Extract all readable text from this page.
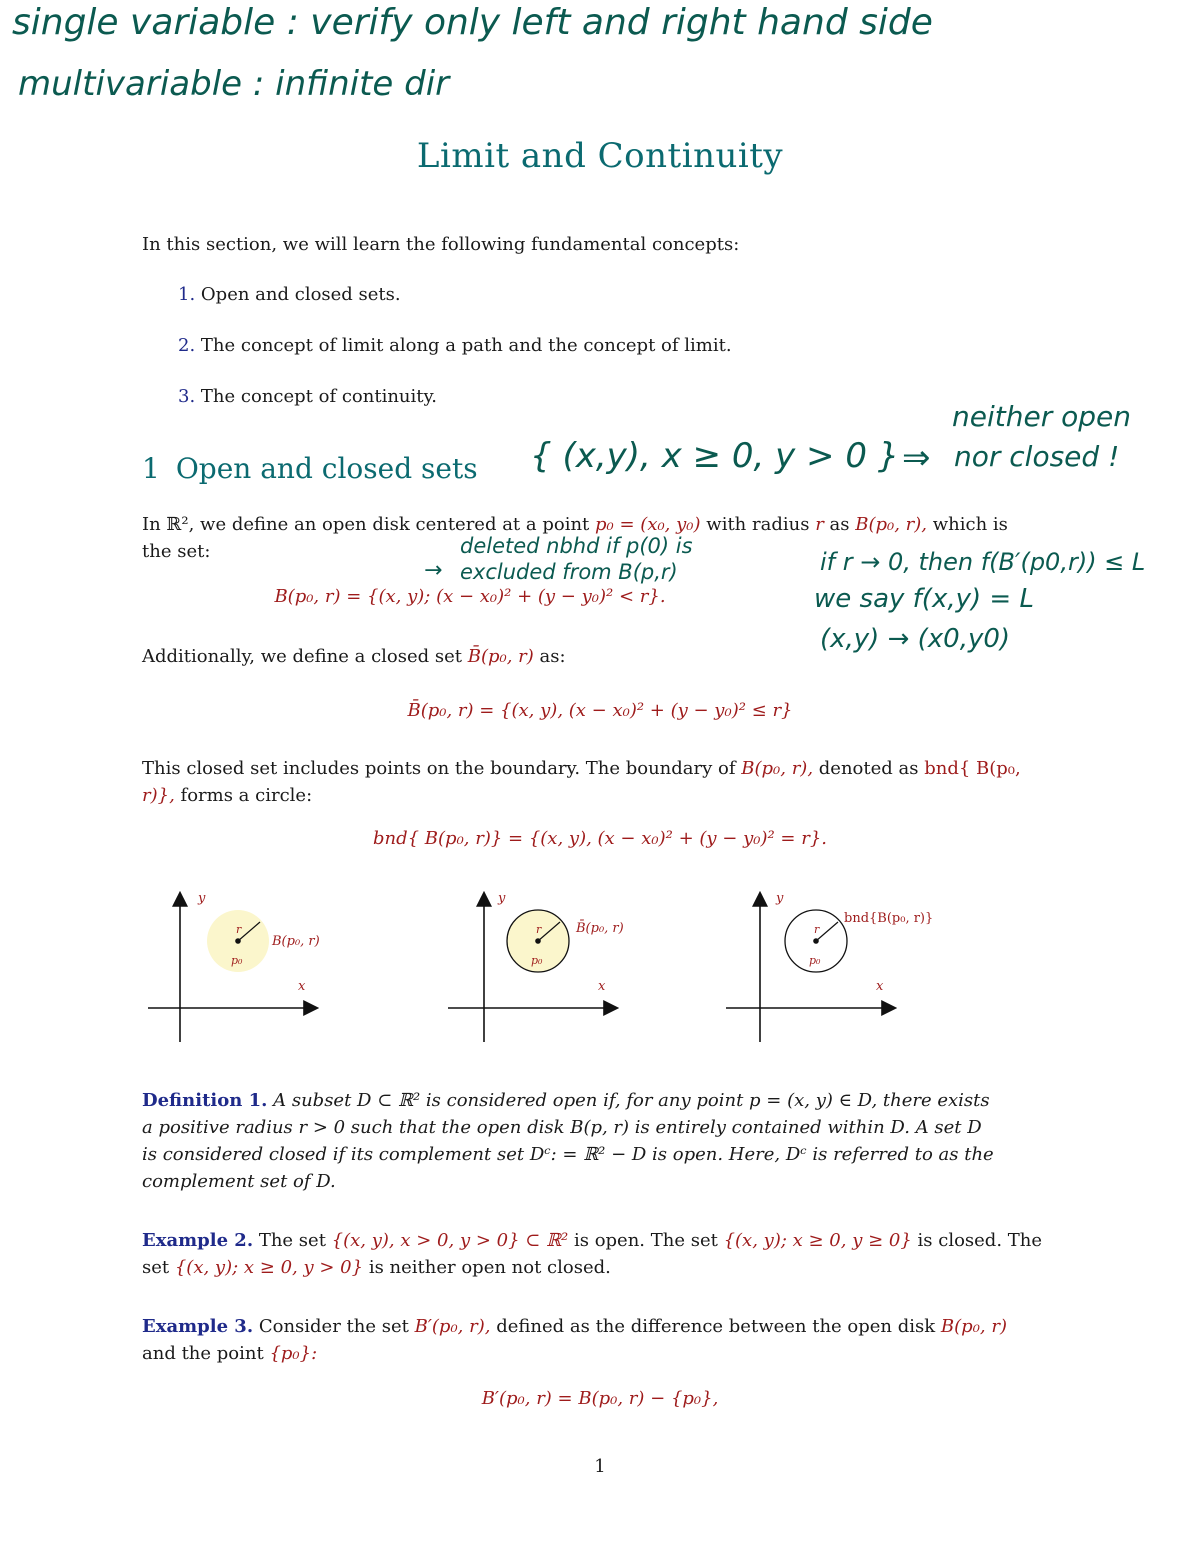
single variable : verify only left and right hand side
multivariable : infinite dir
Limit and Continuity
In this section, we will learn the following fundamental concepts:
1. Open and closed sets.
2. The concept of limit along a path and the concept of limit.
3. The concept of continuity.
1 Open and closed sets { (x,y), x ≥ 0, y > 0 } ⇒
neither open
nor closed !
In ℝ², we define an open disk centered at a point p₀ = (x₀, y₀) with radius r as B(p₀, r), which is
the set:	deleted nbhd if p(0) is
→ excluded from B(p,r)
B(p₀, r) = {(x, y); (x − x₀)² + (y − y₀)² < r}.
if r → 0, then f(B′(p0,r)) ≤ L
we say f(x,y) = L
(x,y) → (x0,y0)
Additionally, we define a closed set B̄(p₀, r) as:
B̄(p₀, r) = {(x, y), (x − x₀)² + (y − y₀)² ≤ r}
This closed set includes points on the boundary. The boundary of B(p₀, r), denoted as bnd{ B(p₀,
r)}, forms a circle:
bnd{ B(p₀, r)} = {(x, y), (x − x₀)² + (y − y₀)² = r}.
y
x
r
p₀
B(p₀, r)
y
x
r
p₀
B̄(p₀, r)
y
x
r
p₀
bnd{B(p₀, r)}
Definition 1. A subset D ⊂ ℝ² is considered open if, for any point p = (x, y) ∈ D, there exists
a positive radius r > 0 such that the open disk B(p, r) is entirely contained within D. A set D
is considered closed if its complement set Dᶜ: = ℝ² − D is open. Here, Dᶜ is referred to as the
complement set of D.
Example 2. The set {(x, y), x > 0, y > 0} ⊂ ℝ² is open. The set {(x, y); x ≥ 0, y ≥ 0} is closed. The
set {(x, y); x ≥ 0, y > 0} is neither open not closed.
Example 3. Consider the set B′(p₀, r), defined as the difference between the open disk B(p₀, r)
and the point {p₀}:
B′(p₀, r) = B(p₀, r) − {p₀},
1
